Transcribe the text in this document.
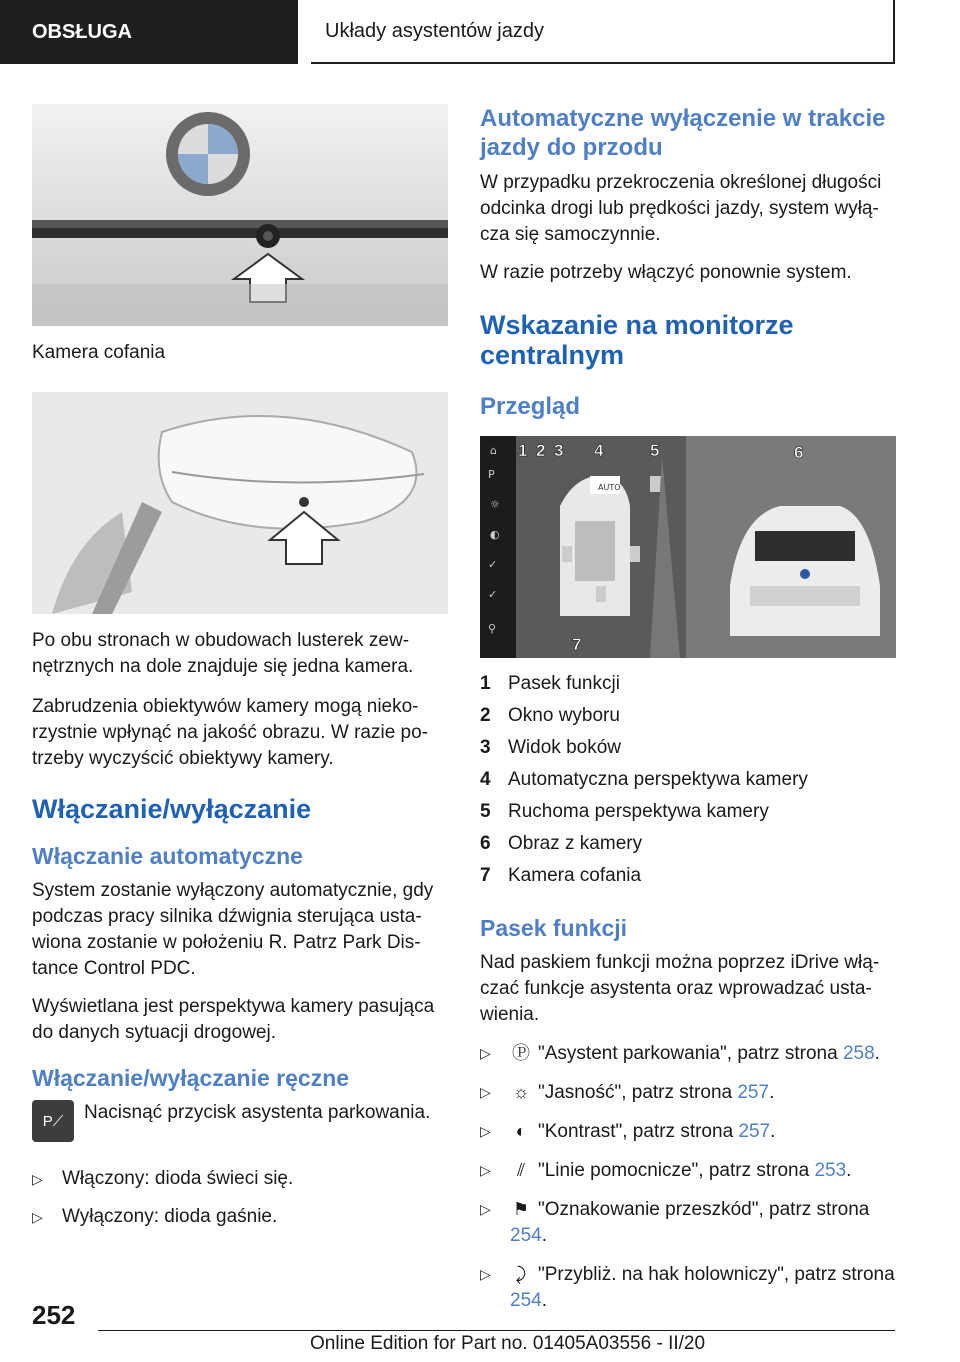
OBSŁUGA	Układy asystentów jazdy

Kamera cofania

Po obu stronach w obudowach lusterek zew-nętrznych na dole znajduje się jedna kamera.

Zabrudzenia obiektywów kamery mogą nieko-rzystnie wpłynąć na jakość obrazu. W razie po-trzeby wyczyścić obiektywy kamery.

Włączanie/wyłączanie
Włączanie automatyczne

System zostanie wyłączony automatycznie, gdy podczas pracy silnika dźwignia sterująca usta-wiona zostanie w położeniu R. Patrz Park Dis-tance Control PDC.

Wyświetlana jest perspektywa kamery pasująca do danych sytuacji drogowej.

Włączanie/wyłączanie ręczne
P⟋	Nacisnąć przycisk asystenta parkowania.

▷ Włączony: dioda świeci się.
▷ Wyłączony: dioda gaśnie.
Automatyczne wyłączenie w trakcie jazdy do przodu

W przypadku przekroczenia określonej długości odcinka drogi lub prędkości jazdy, system wyłą-cza się samoczynnie.

W razie potrzeby włączyć ponownie system.

Wskazanie na monitorze centralnym
Przegląd
⌂
P
☼
◐
✓
✓
⚲
1 2 3 4	5	6
7
AUTO
1 Pasek funkcji
2 Okno wyboru
3 Widok boków
4 Automatyczna perspektywa kamery
5 Ruchoma perspektywa kamery
6 Obraz z kamery
7 Kamera cofania
Pasek funkcji

Nad paskiem funkcji można poprzez iDrive włą-czać funkcje asystenta oraz wprowadzać usta-wienia.

▷ Ⓟ "Asystent parkowania", patrz strona 258.
▷ ☼ "Jasność", patrz strona 257.
▷ ◐ "Kontrast", patrz strona 257.
▷ ⫽ "Linie pomocnicze", patrz strona 253.
▷ ⚑ "Oznakowanie przeszkód", patrz strona 254.
▷ ⤸ "Przybliż. na hak holowniczy", patrz strona 254.
252
Online Edition for Part no. 01405A03556 - II/20
